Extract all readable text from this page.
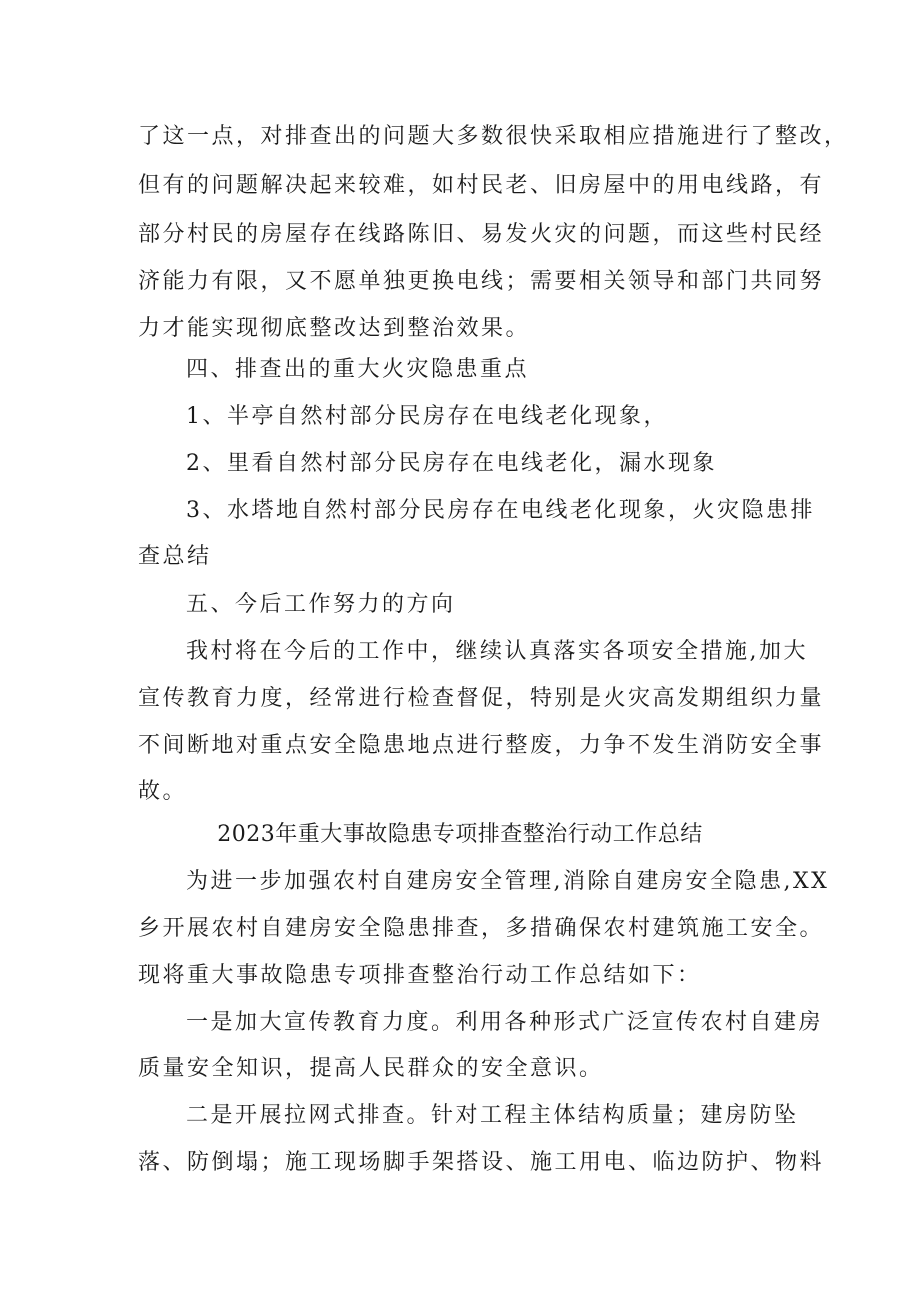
了这一点，对排查出的问题大多数很快采取相应措施进行了整改，
但有的问题解决起来较难，如村民老、旧房屋中的用电线路，有
部分村民的房屋存在线路陈旧、易发火灾的问题，而这些村民经
济能力有限，又不愿单独更换电线；需要相关领导和部门共同努
力才能实现彻底整改达到整治效果。
四、排查出的重大火灾隐患重点
1、半亭自然村部分民房存在电线老化现象，
2、里看自然村部分民房存在电线老化，漏水现象
3、水塔地自然村部分民房存在电线老化现象，火灾隐患排
查总结
五、今后工作努力的方向
我村将在今后的工作中，继续认真落实各项安全措施,加大
宣传教育力度，经常进行检查督促，特别是火灾高发期组织力量
不间断地对重点安全隐患地点进行整废，力争不发生消防安全事
故。
2023年重大事故隐患专项排查整治行动工作总结
为进一步加强农村自建房安全管理,消除自建房安全隐患,XX
乡开展农村自建房安全隐患排查，多措确保农村建筑施工安全。
现将重大事故隐患专项排查整治行动工作总结如下：
一是加大宣传教育力度。利用各种形式广泛宣传农村自建房
质量安全知识，提高人民群众的安全意识。
二是开展拉网式排查。针对工程主体结构质量；建房防坠
落、防倒塌；施工现场脚手架搭设、施工用电、临边防护、物料
